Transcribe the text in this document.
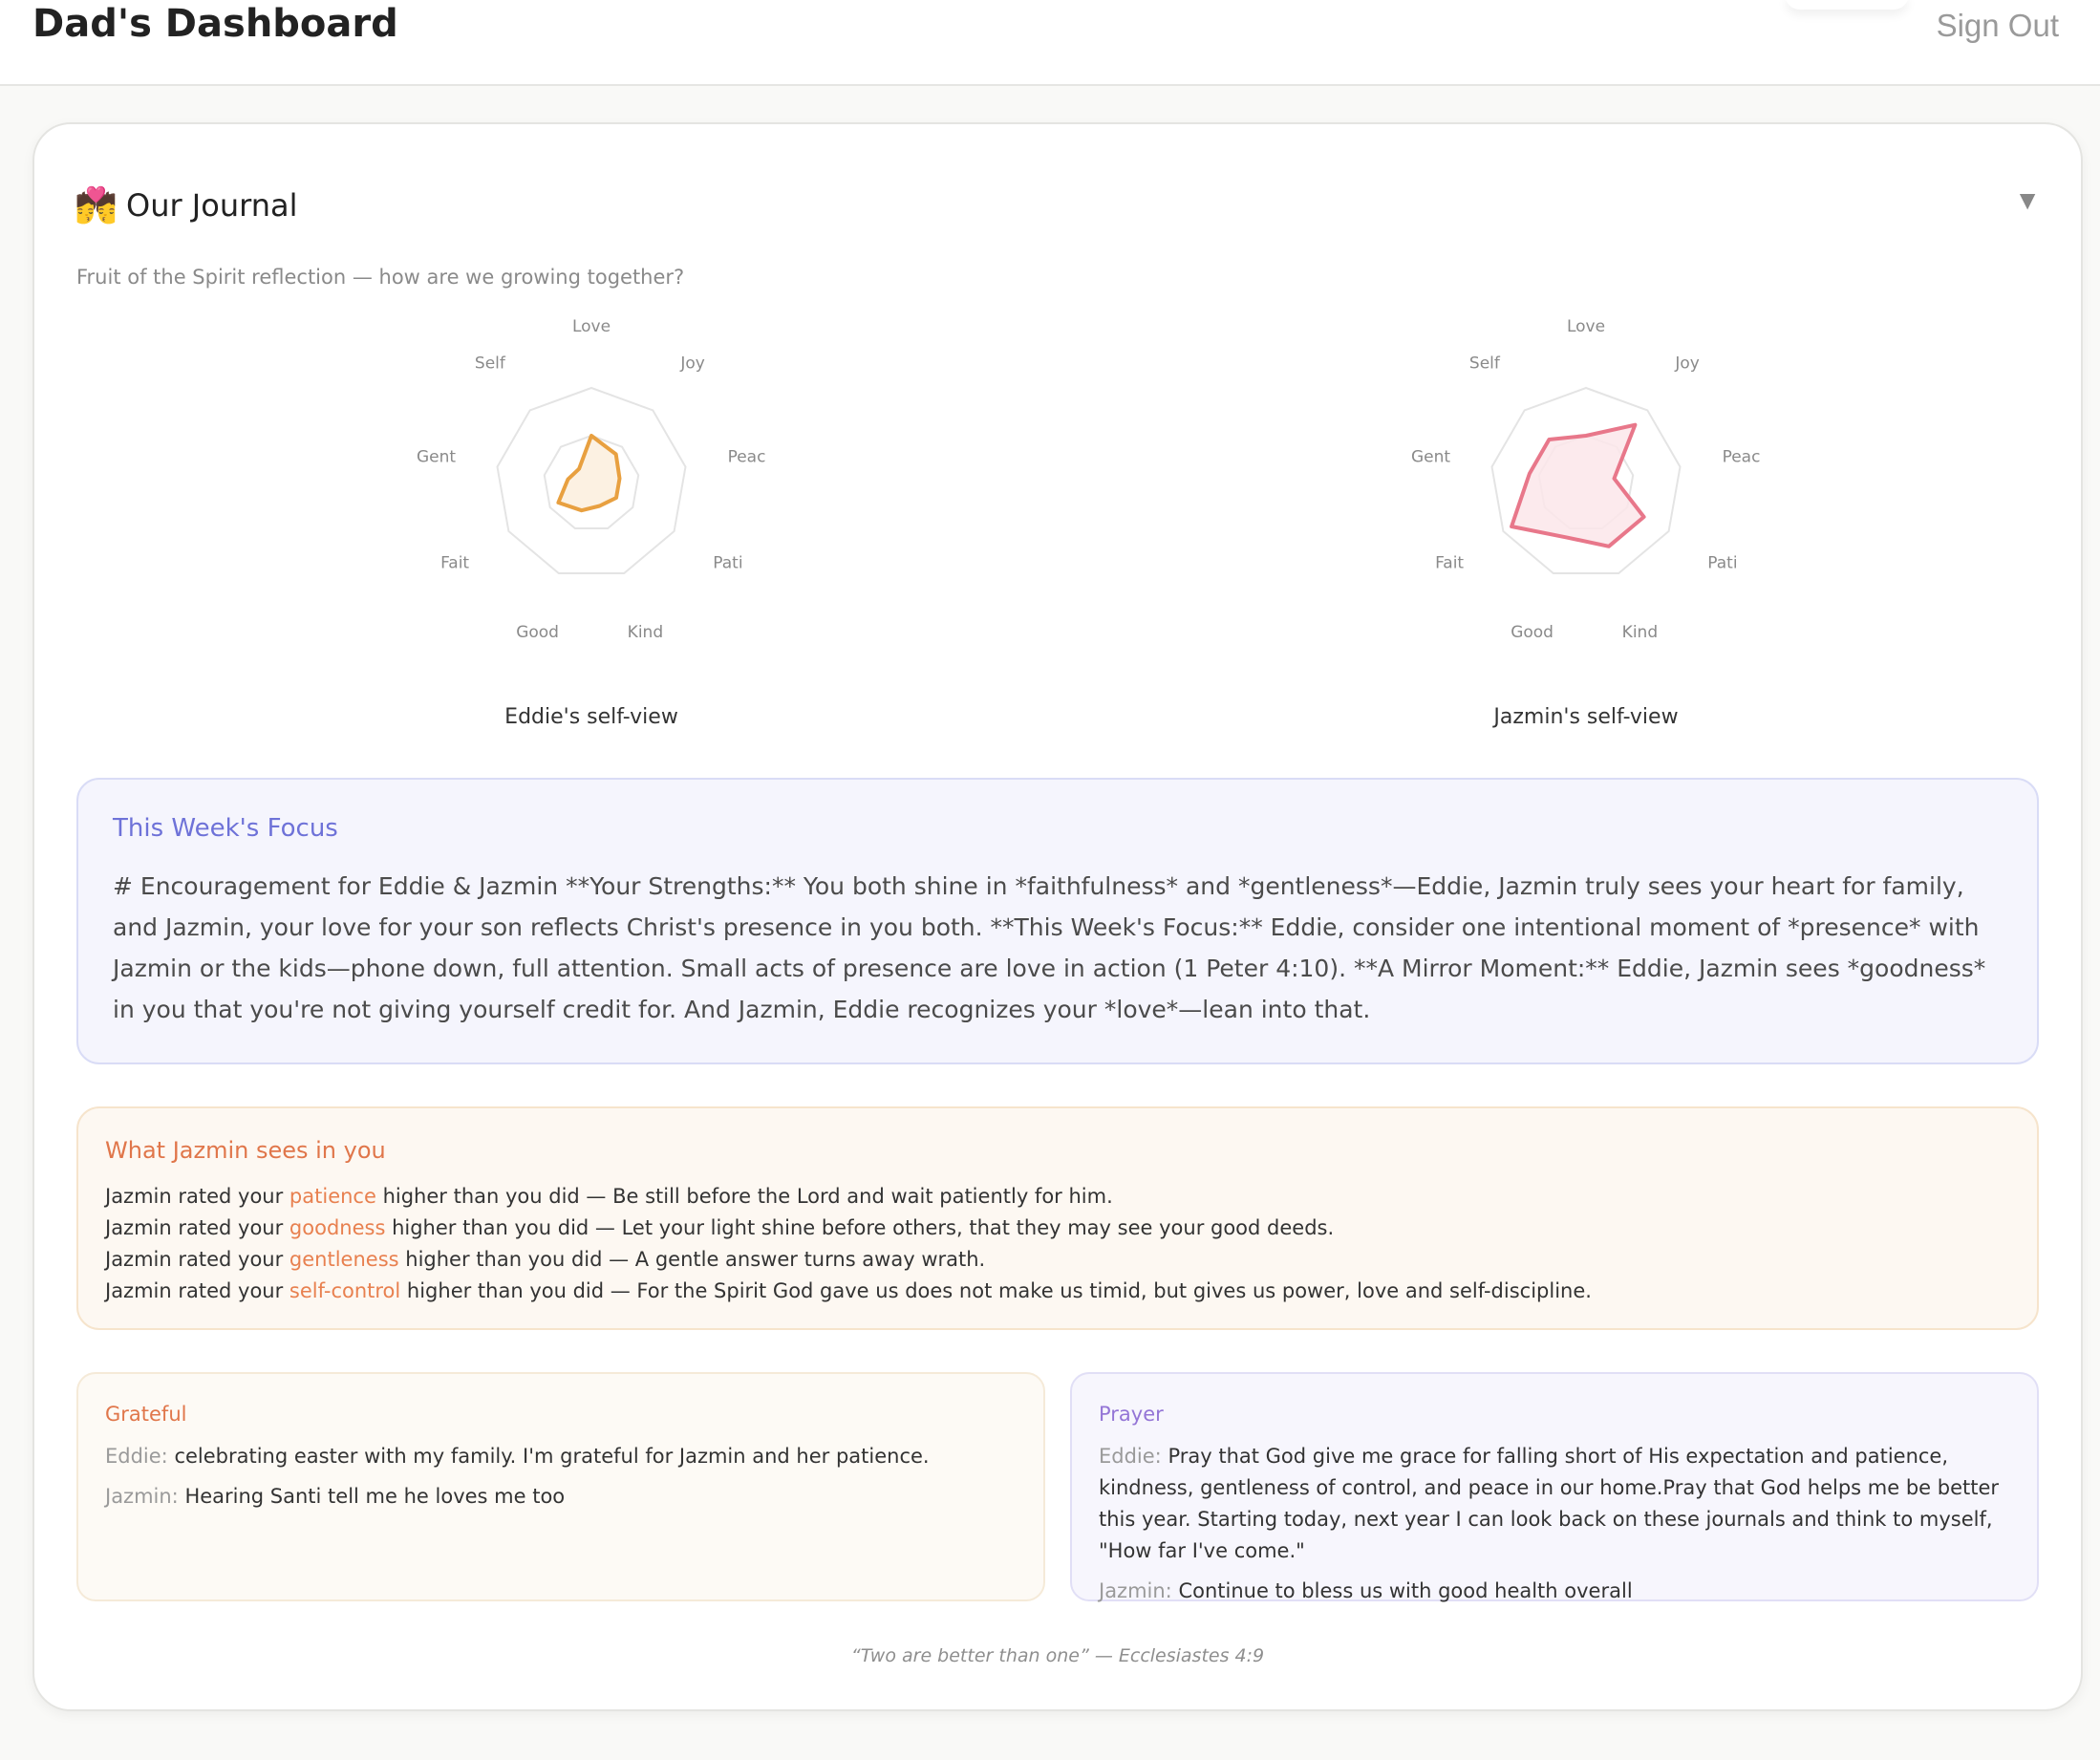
Dad's Dashboard	Sign Out
💏 Our Journal	▼
Fruit of the Spirit reflection — how are we growing together?
Love
Joy
Peac
Pati
Kind
Good
Fait
Gent
Self
Eddie's self-view
Love
Joy
Peac
Pati
Kind
Good
Fait
Gent
Self
Jazmin's self-view
This Week's Focus
# Encouragement for Eddie & Jazmin **Your Strengths:** You both shine in *faithfulness* and *gentleness*—Eddie, Jazmin truly sees your heart for family, and Jazmin, your love for your son reflects Christ's presence in you both. **This Week's Focus:** Eddie, consider one intentional moment of *presence* with Jazmin or the kids—phone down, full attention. Small acts of presence are love in action (1 Peter 4:10). **A Mirror Moment:** Eddie, Jazmin sees *goodness* in you that you're not giving yourself credit for. And Jazmin, Eddie recognizes your *love*—lean into that.
What Jazmin sees in you
Jazmin rated your patience higher than you did — Be still before the Lord and wait patiently for him.
Jazmin rated your goodness higher than you did — Let your light shine before others, that they may see your good deeds.
Jazmin rated your gentleness higher than you did — A gentle answer turns away wrath.
Jazmin rated your self-control higher than you did — For the Spirit God gave us does not make us timid, but gives us power, love and self-discipline.
Grateful
Eddie: celebrating easter with my family. I'm grateful for Jazmin and her patience.
Jazmin: Hearing Santi tell me he loves me too
Prayer
Eddie: Pray that God give me grace for falling short of His expectation and patience, kindness, gentleness of control, and peace in our home.Pray that God helps me be better this year. Starting today, next year I can look back on these journals and think to myself, "How far I've come."
Jazmin: Continue to bless us with good health overall
“Two are better than one” — Ecclesiastes 4:9
